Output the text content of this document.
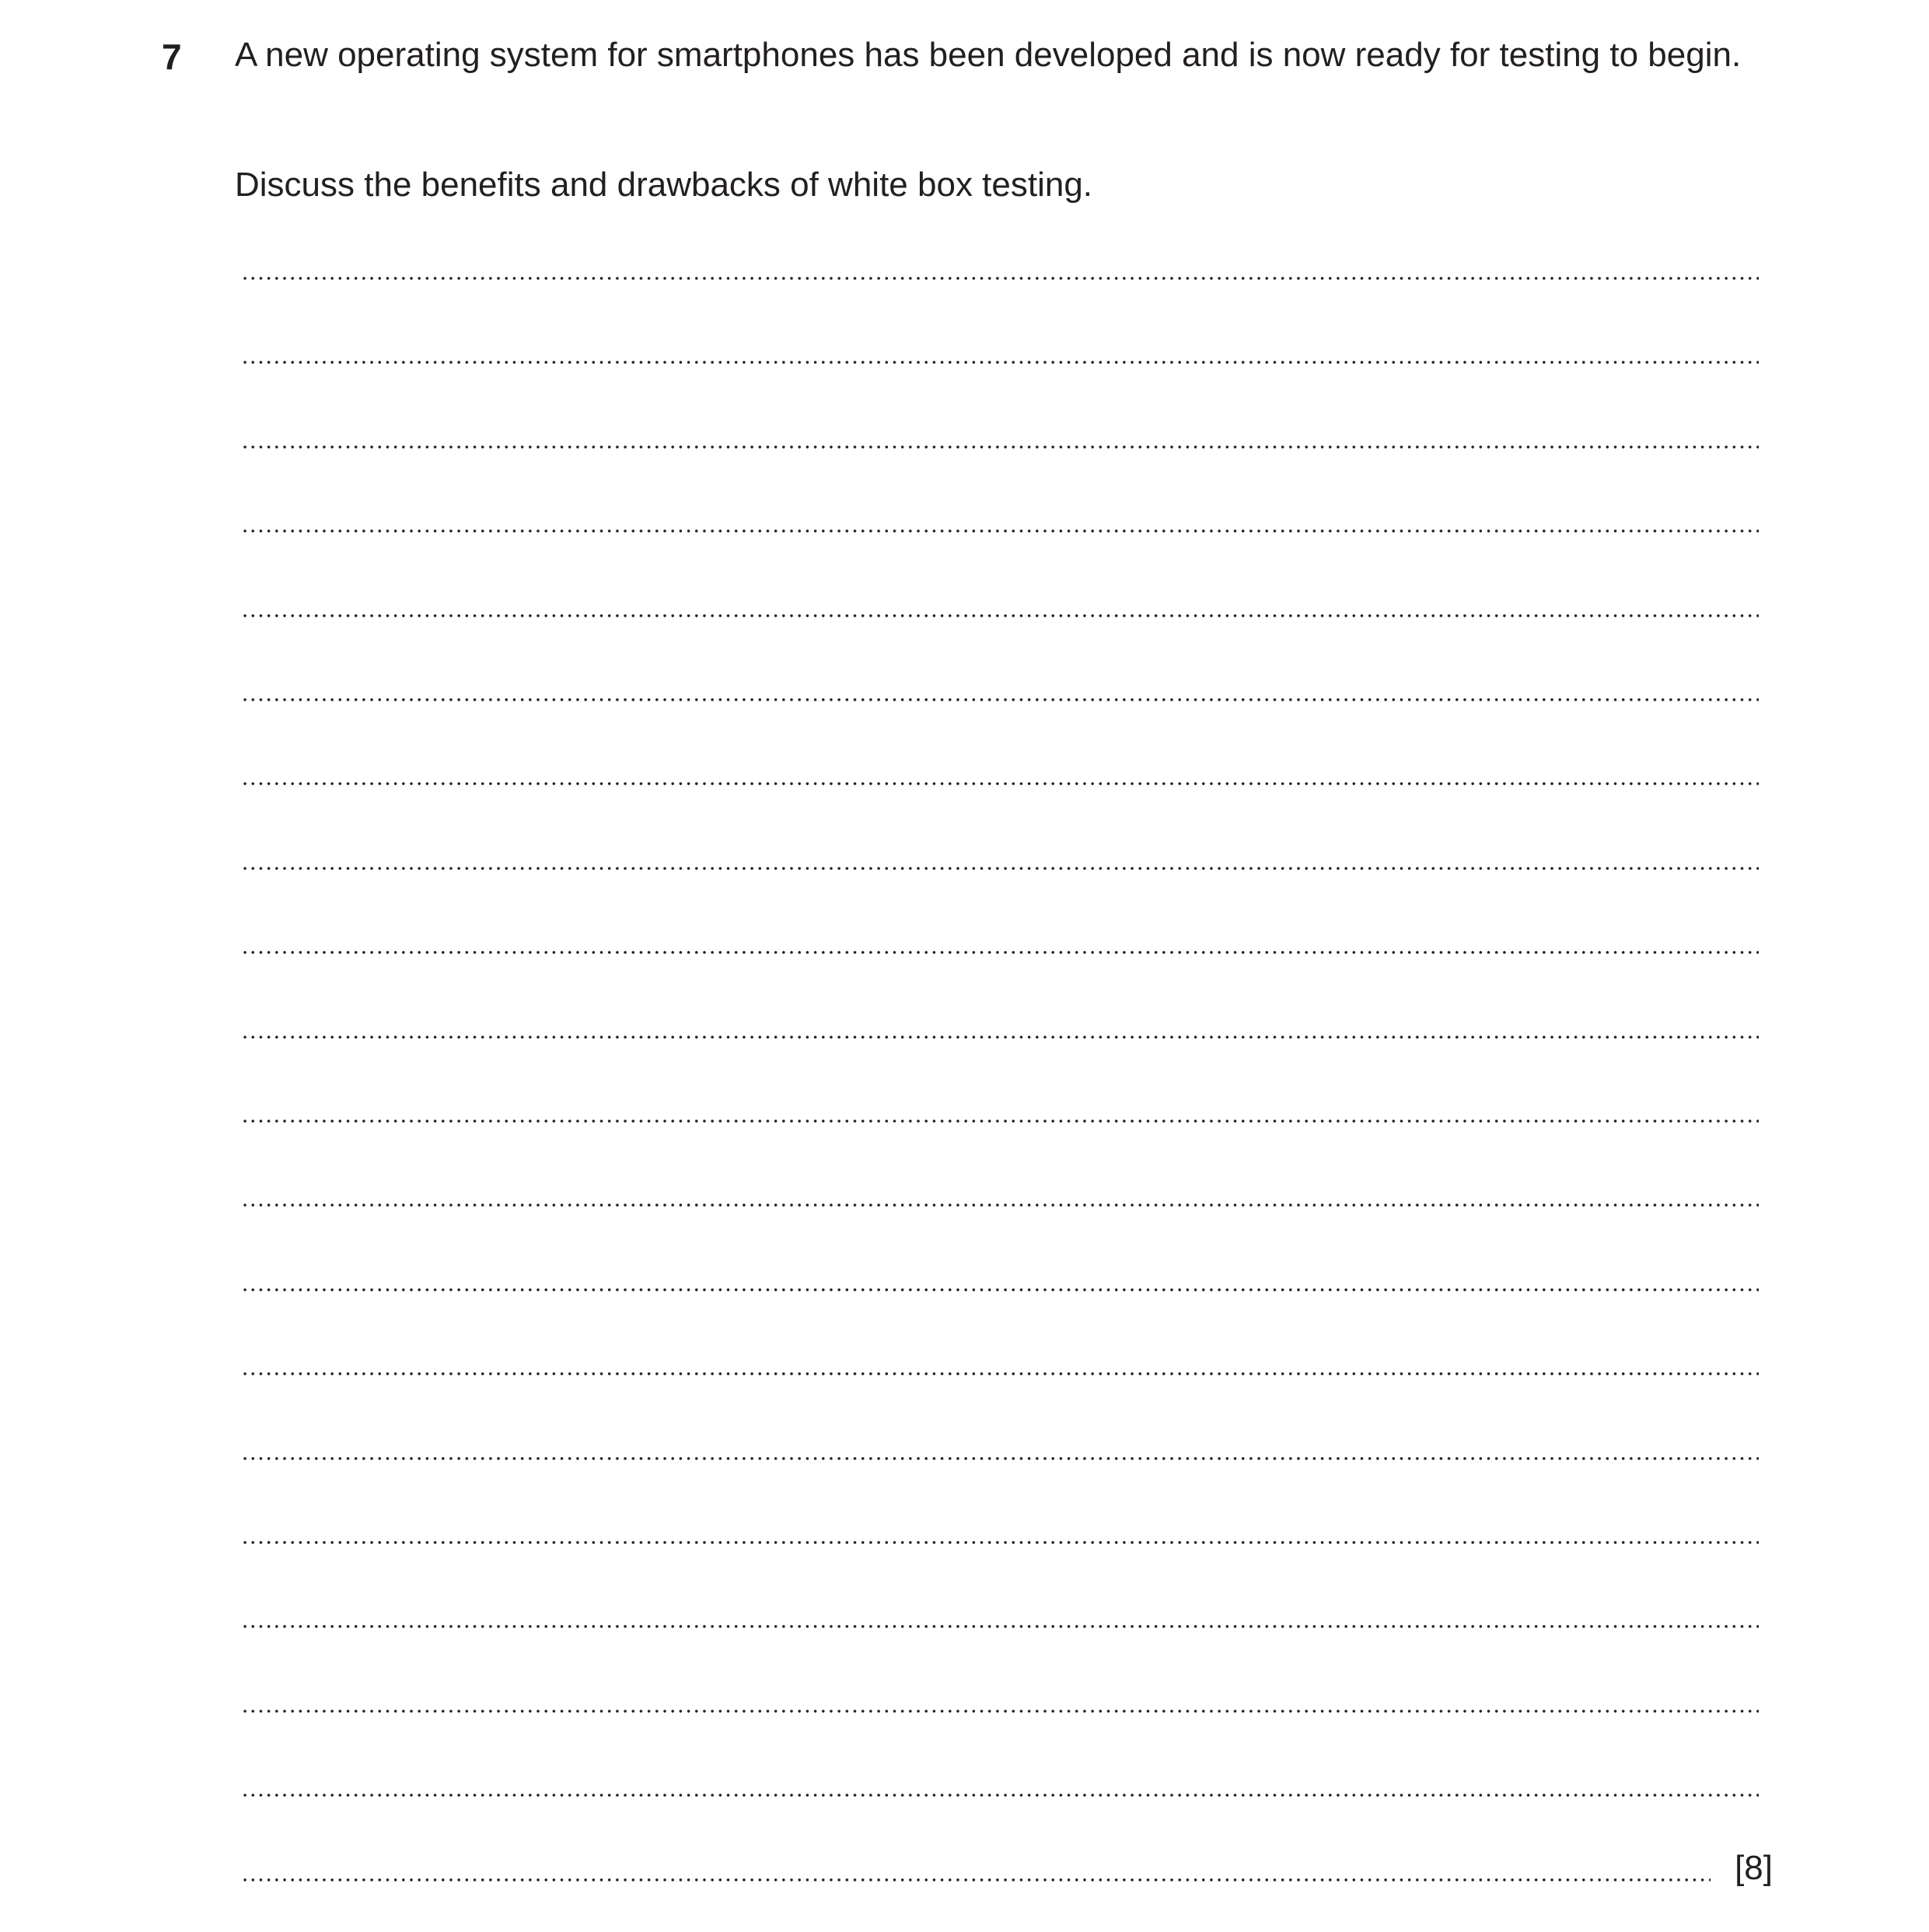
7 A new operating system for smartphones has been developed and is now ready for testing to begin.
Discuss the benefits and drawbacks of white box testing.
[8]
